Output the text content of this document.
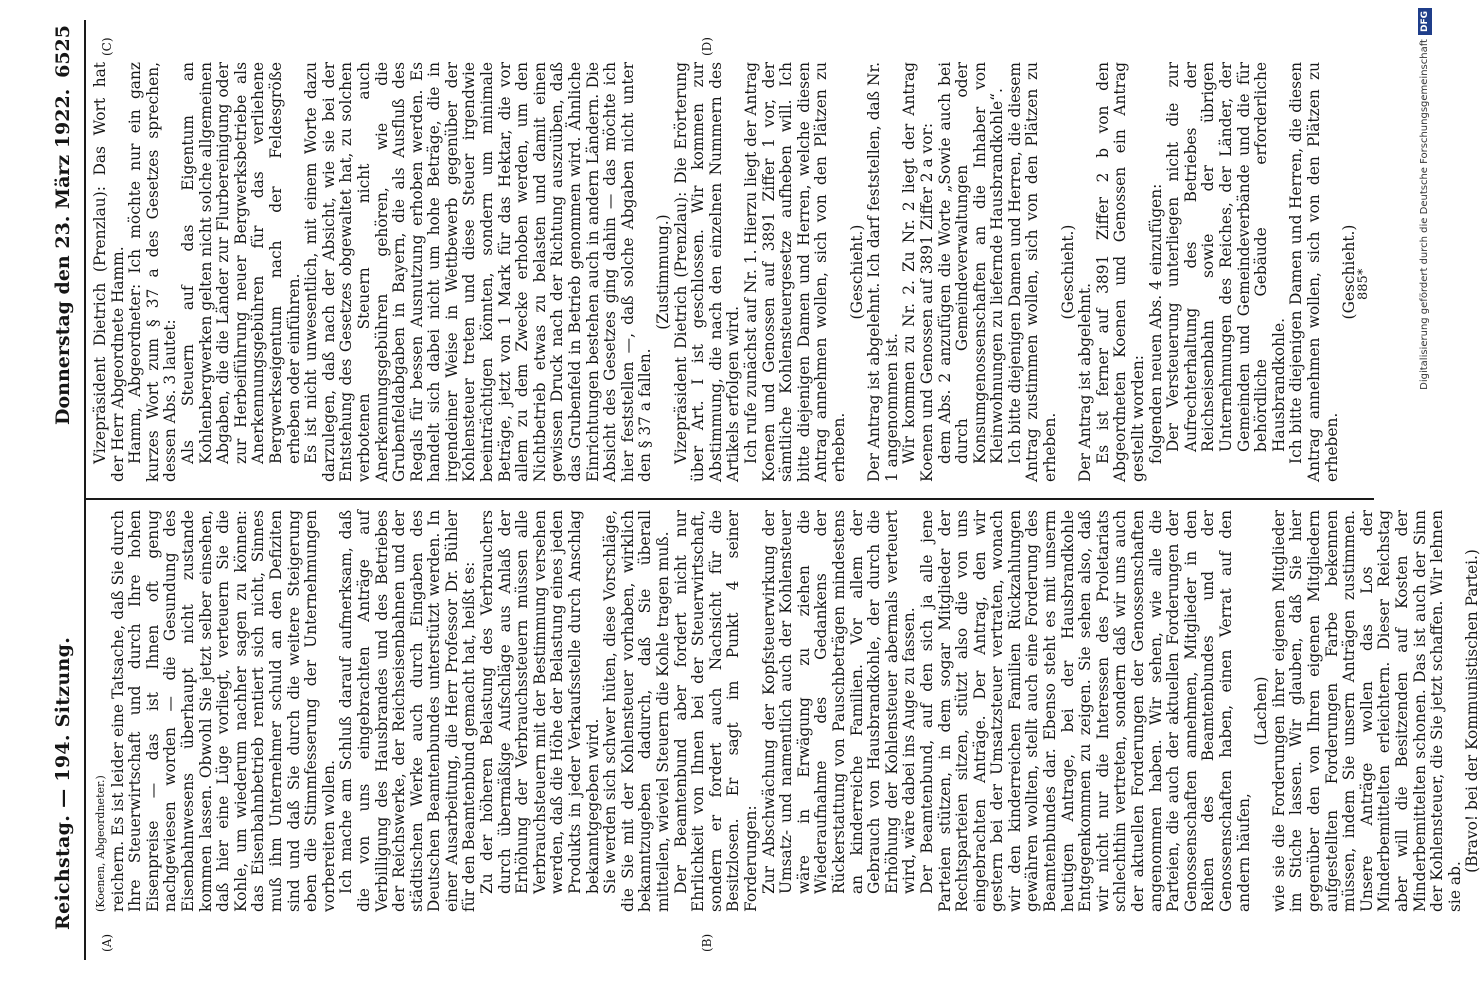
Reichstag. — 194. Sitzung.
Donnerstag den 23. März 1922.
6525
(A)	(B)
(C)	(D)

(Koenen, Abgeordneter.) reichern. Es ist leider eine Tatsache, daß Sie durch Ihre Steuerwirtschaft und durch Ihre hohen Eisenpreise — das ist Ihnen oft genug nachgewiesen worden — die Gesundung des Eisenbahnwesens überhaupt nicht zustande kommen lassen. Obwohl Sie jetzt selber einsehen, daß hier eine Lüge vorliegt, verteuern Sie die Kohle, um wiederum nachher sagen zu können: das Eisenbahnbetrieb rentiert sich nicht, Sinnes muß ihm Unternehmer schuld an den Defiziten sind und daß Sie durch die weitere Steigerung eben die Stimmfesserung der Unternehmungen vorbereiten wollen. Ich mache am Schluß darauf aufmerksam, daß die von uns eingebrachten Anträge auf Verbilligung des Hausbrandes und des Betriebes der Reichswerke, der Reichseisenbahnen und der städtischen Werke auch durch Eingaben des Deutschen Beamtenbundes unterstützt werden. In einer Ausarbeitung, die Herr Professor Dr. Bühler für den Beamtenbund gemacht hat, heißt es: Zu der höheren Belastung des Verbrauchers durch übermäßige Aufschläge aus Anlaß der Erhöhung der Verbrauchssteuern müssen alle Verbrauchsteuern mit der Bestimmung versehen werden, daß die Höhe der Belastung eines jeden Produkts in jeder Verkaufsstelle durch Anschlag bekanntgegeben wird. Sie werden sich schwer hüten, diese Vorschläge, die Sie mit der Kohlensteuer vorhaben, wirklich bekanntzugeben dadurch, daß Sie überall mitteilen, wieviel Steuern die Kohle tragen muß. Der Beamtenbund aber fordert nicht nur Ehrlichkeit von Ihnen bei der Steuerwirtschaft, sondern er fordert auch Nachsicht für die Besitzlosen. Er sagt im Punkt 4 seiner Forderungen: Zur Abschwächung der Kopfsteuerwirkung der Umsatz- und namentlich auch der Kohlensteuer wäre in Erwägung zu ziehen die Wiederaufnahme des Gedankens der Rückerstattung von Pauschbeträgen mindestens an kinderreiche Familien. Vor allem der Gebrauch von Hausbrandkohle, der durch die Erhöhung der Kohlensteuer abermals verteuert wird, wäre dabei ins Auge zu fassen. Der Beamtenbund, auf den sich ja alle jene Parteien stützen, in dem sogar Mitglieder der Rechtsparteien sitzen, stützt also die von uns eingebrachten Anträge. Der Antrag, den wir gestern bei der Umsatzsteuer vertraten, wonach wir den kinderreichen Familien Rückzahlungen gewähren wollten, stellt auch eine Forderung des Beamtenbundes dar. Ebenso steht es mit unserm heutigen Antrage, bei der Hausbrandkohle Entgegenkommen zu zeigen. Sie sehen also, daß wir nicht nur die Interessen des Proletariats schlechthin vertreten, sondern daß wir uns auch der aktuellen Forderungen der Genossenschaften angenommen haben. Wir sehen, wie alle die Parteien, die auch der aktuellen Forderungen der Genossenschaften annehmen, Mitglieder in den Reihen des Beamtenbundes und der Genossenschaften haben, einen Verrat auf den andern häufen,

(Lachen) wie sie die Forderungen ihrer eigenen Mitglieder im Stiche lassen. Wir glauben, daß Sie hier gegenüber den von Ihren eigenen Mitgliedern aufgestellten Forderungen Farbe bekennen müssen, indem Sie unsern Anträgen zustimmen. Unsere Anträge wollen das Los der Minderbemittelten erleichtern. Dieser Reichstag aber will die Besitzenden auf Kosten der Minderbemittelten schonen. Das ist auch der Sinn der Kohlensteuer, die Sie jetzt schaffen. Wir lehnen sie ab.

(Bravo! bei der Kommunistischen Partei.)

Vizepräsident Dietrich (Prenzlau): Das Wort hat der Herr Abgeordnete Hamm. Hamm, Abgeordneter: Ich möchte nur ein ganz kurzes Wort zum § 37 a des Gesetzes sprechen, dessen Abs. 3 lautet: Als Steuern auf das Eigentum an Kohlenbergwerken gelten nicht solche allgemeinen Abgaben, die die Länder zur Flurbereinigung oder zur Herbeiführung neuer Bergwerksbetriebe als Anerkennungsgebühren für das verliehene Bergwerkseigentum nach der Feldesgröße erheben oder einführen. Es ist nicht unwesentlich, mit einem Worte dazu darzulegen, daß nach der Absicht, wie sie bei der Entstehung des Gesetzes obgewaltet hat, zu solchen verbotenen Steuern nicht auch Anerkennungsgebühren gehören, wie die Grubenfeldabgaben in Bayern, die als Ausfluß des Regals für bessen Ausnutzung erhoben werden. Es handelt sich dabei nicht um hohe Beträge, die in irgendeiner Weise in Wettbewerb gegenüber der Kohlensteuer treten und diese Steuer irgendwie beeinträchtigen könnten, sondern um minimale Beträge, jetzt von 1 Mark für das Hektar, die vor allem zu dem Zwecke erhoben werden, um den Nichtbetrieb etwas zu belasten und damit einen gewissen Druck nach der Richtung auszuüben, daß das Grubenfeld in Betrieb genommen wird. Ähnliche Einrichtungen bestehen auch in andern Ländern. Die Absicht des Gesetzes ging dahin — das möchte ich hier feststellen —, daß solche Abgaben nicht unter den § 37 a fallen.

(Zustimmung.) Vizepräsident Dietrich (Prenzlau): Die Erörterung über Art. I ist geschlossen. Wir kommen zur Abstimmung, die nach den einzelnen Nummern des Artikels erfolgen wird. Ich rufe zunächst auf Nr. 1. Hierzu liegt der Antrag Koenen und Genossen auf 3891 Ziffer 1 vor, der sämtliche Kohlensteuergesetze aufheben will. Ich bitte diejenigen Damen und Herren, welche diesen Antrag annehmen wollen, sich von den Plätzen zu erheben.

(Geschieht.) Der Antrag ist abgelehnt. Ich darf feststellen, daß Nr. 1 angenommen ist. Wir kommen zu Nr. 2. Zu Nr. 2 liegt der Antrag Koenen und Genossen auf 3891 Ziffer 2 a vor: dem Abs. 2 anzufügen die Worte „Sowie auch bei durch Gemeindeverwaltungen oder Konsumgenossenschaften an die Inhaber von Kleinwohnungen zu liefernde Hausbrandkohle“. Ich bitte diejenigen Damen und Herren, die diesem Antrag zustimmen wollen, sich von den Plätzen zu erheben.

(Geschieht.)

Der Antrag ist abgelehnt. Es ist ferner auf 3891 Ziffer 2 b von den Abgeordneten Koenen und Genossen ein Antrag gestellt worden: folgenden neuen Abs. 4 einzufügen: Der Versteuerung unterliegen nicht die zur Aufrechterhaltung des Betriebes der Reichseisenbahn sowie der übrigen Unternehmungen des Reiches, der Länder, der Gemeinden und Gemeindeverbände und die für behördliche Gebäude erforderliche Hausbrandkohle. Ich bitte diejenigen Damen und Herren, die diesen Antrag annehmen wollen, sich von den Plätzen zu erheben.

(Geschieht.)

885*	Digitalisierung gefördert durch die Deutsche ForschungsgemeinschaftDFG
